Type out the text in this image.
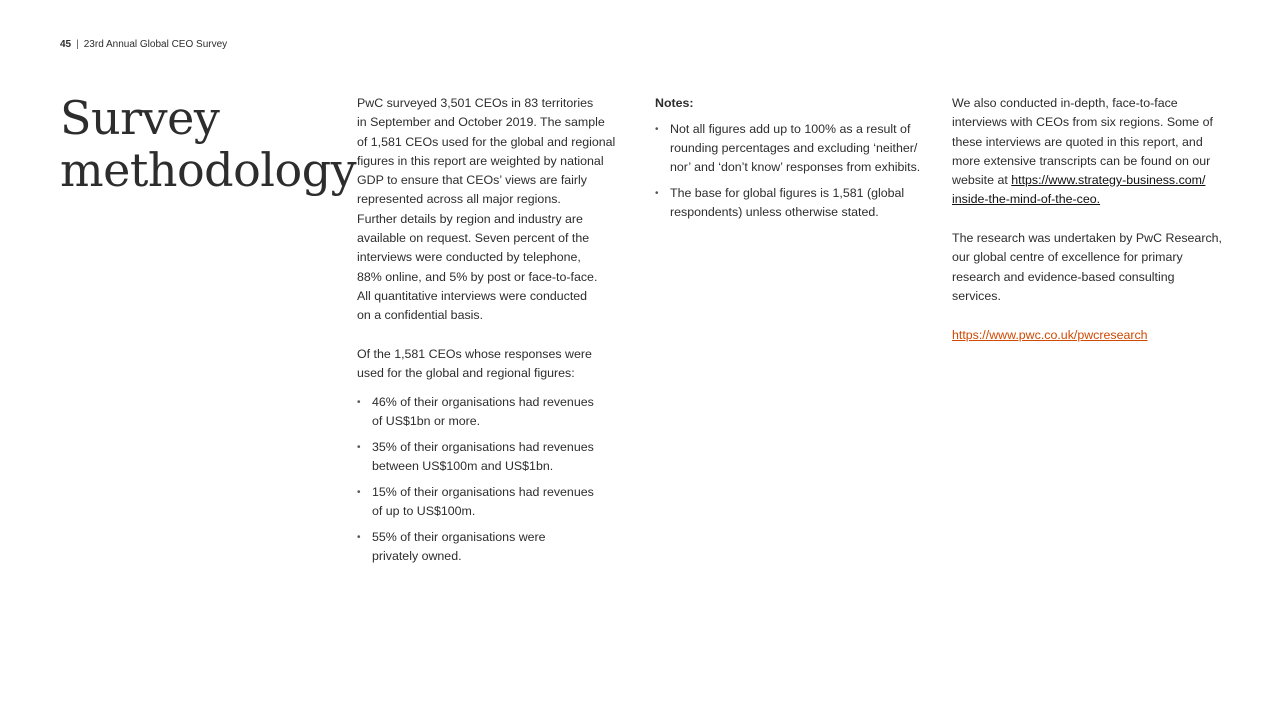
45 | 23rd Annual Global CEO Survey
Survey
methodology

PwC surveyed 3,501 CEOs in 83 territories
in September and October 2019. The sample
of 1,581 CEOs used for the global and regional
figures in this report are weighted by national
GDP to ensure that CEOs’ views are fairly
represented across all major regions.
Further details by region and industry are
available on request. Seven percent of the
interviews were conducted by telephone,
88% online, and 5% by post or face-to-face.
All quantitative interviews were conducted
on a confidential basis.

Of the 1,581 CEOs whose responses were
used for the global and regional figures:

• 46% of their organisations had revenues
of US$1bn or more.
• 35% of their organisations had revenues
between US$100m and US$1bn.
• 15% of their organisations had revenues
of up to US$100m.
• 55% of their organisations were
privately owned.

Notes:

• Not all figures add up to 100% as a result of
rounding percentages and excluding ‘neither/
nor’ and ‘don’t know’ responses from exhibits.
• The base for global figures is 1,581 (global
respondents) unless otherwise stated.

We also conducted in-depth, face-to-face
interviews with CEOs from six regions. Some of
these interviews are quoted in this report, and
more extensive transcripts can be found on our
website at https://www.strategy-business.com/
inside-the-mind-of-the-ceo.

The research was undertaken by PwC Research,
our global centre of excellence for primary
research and evidence-based consulting
services.

https://www.pwc.co.uk/pwcresearch
